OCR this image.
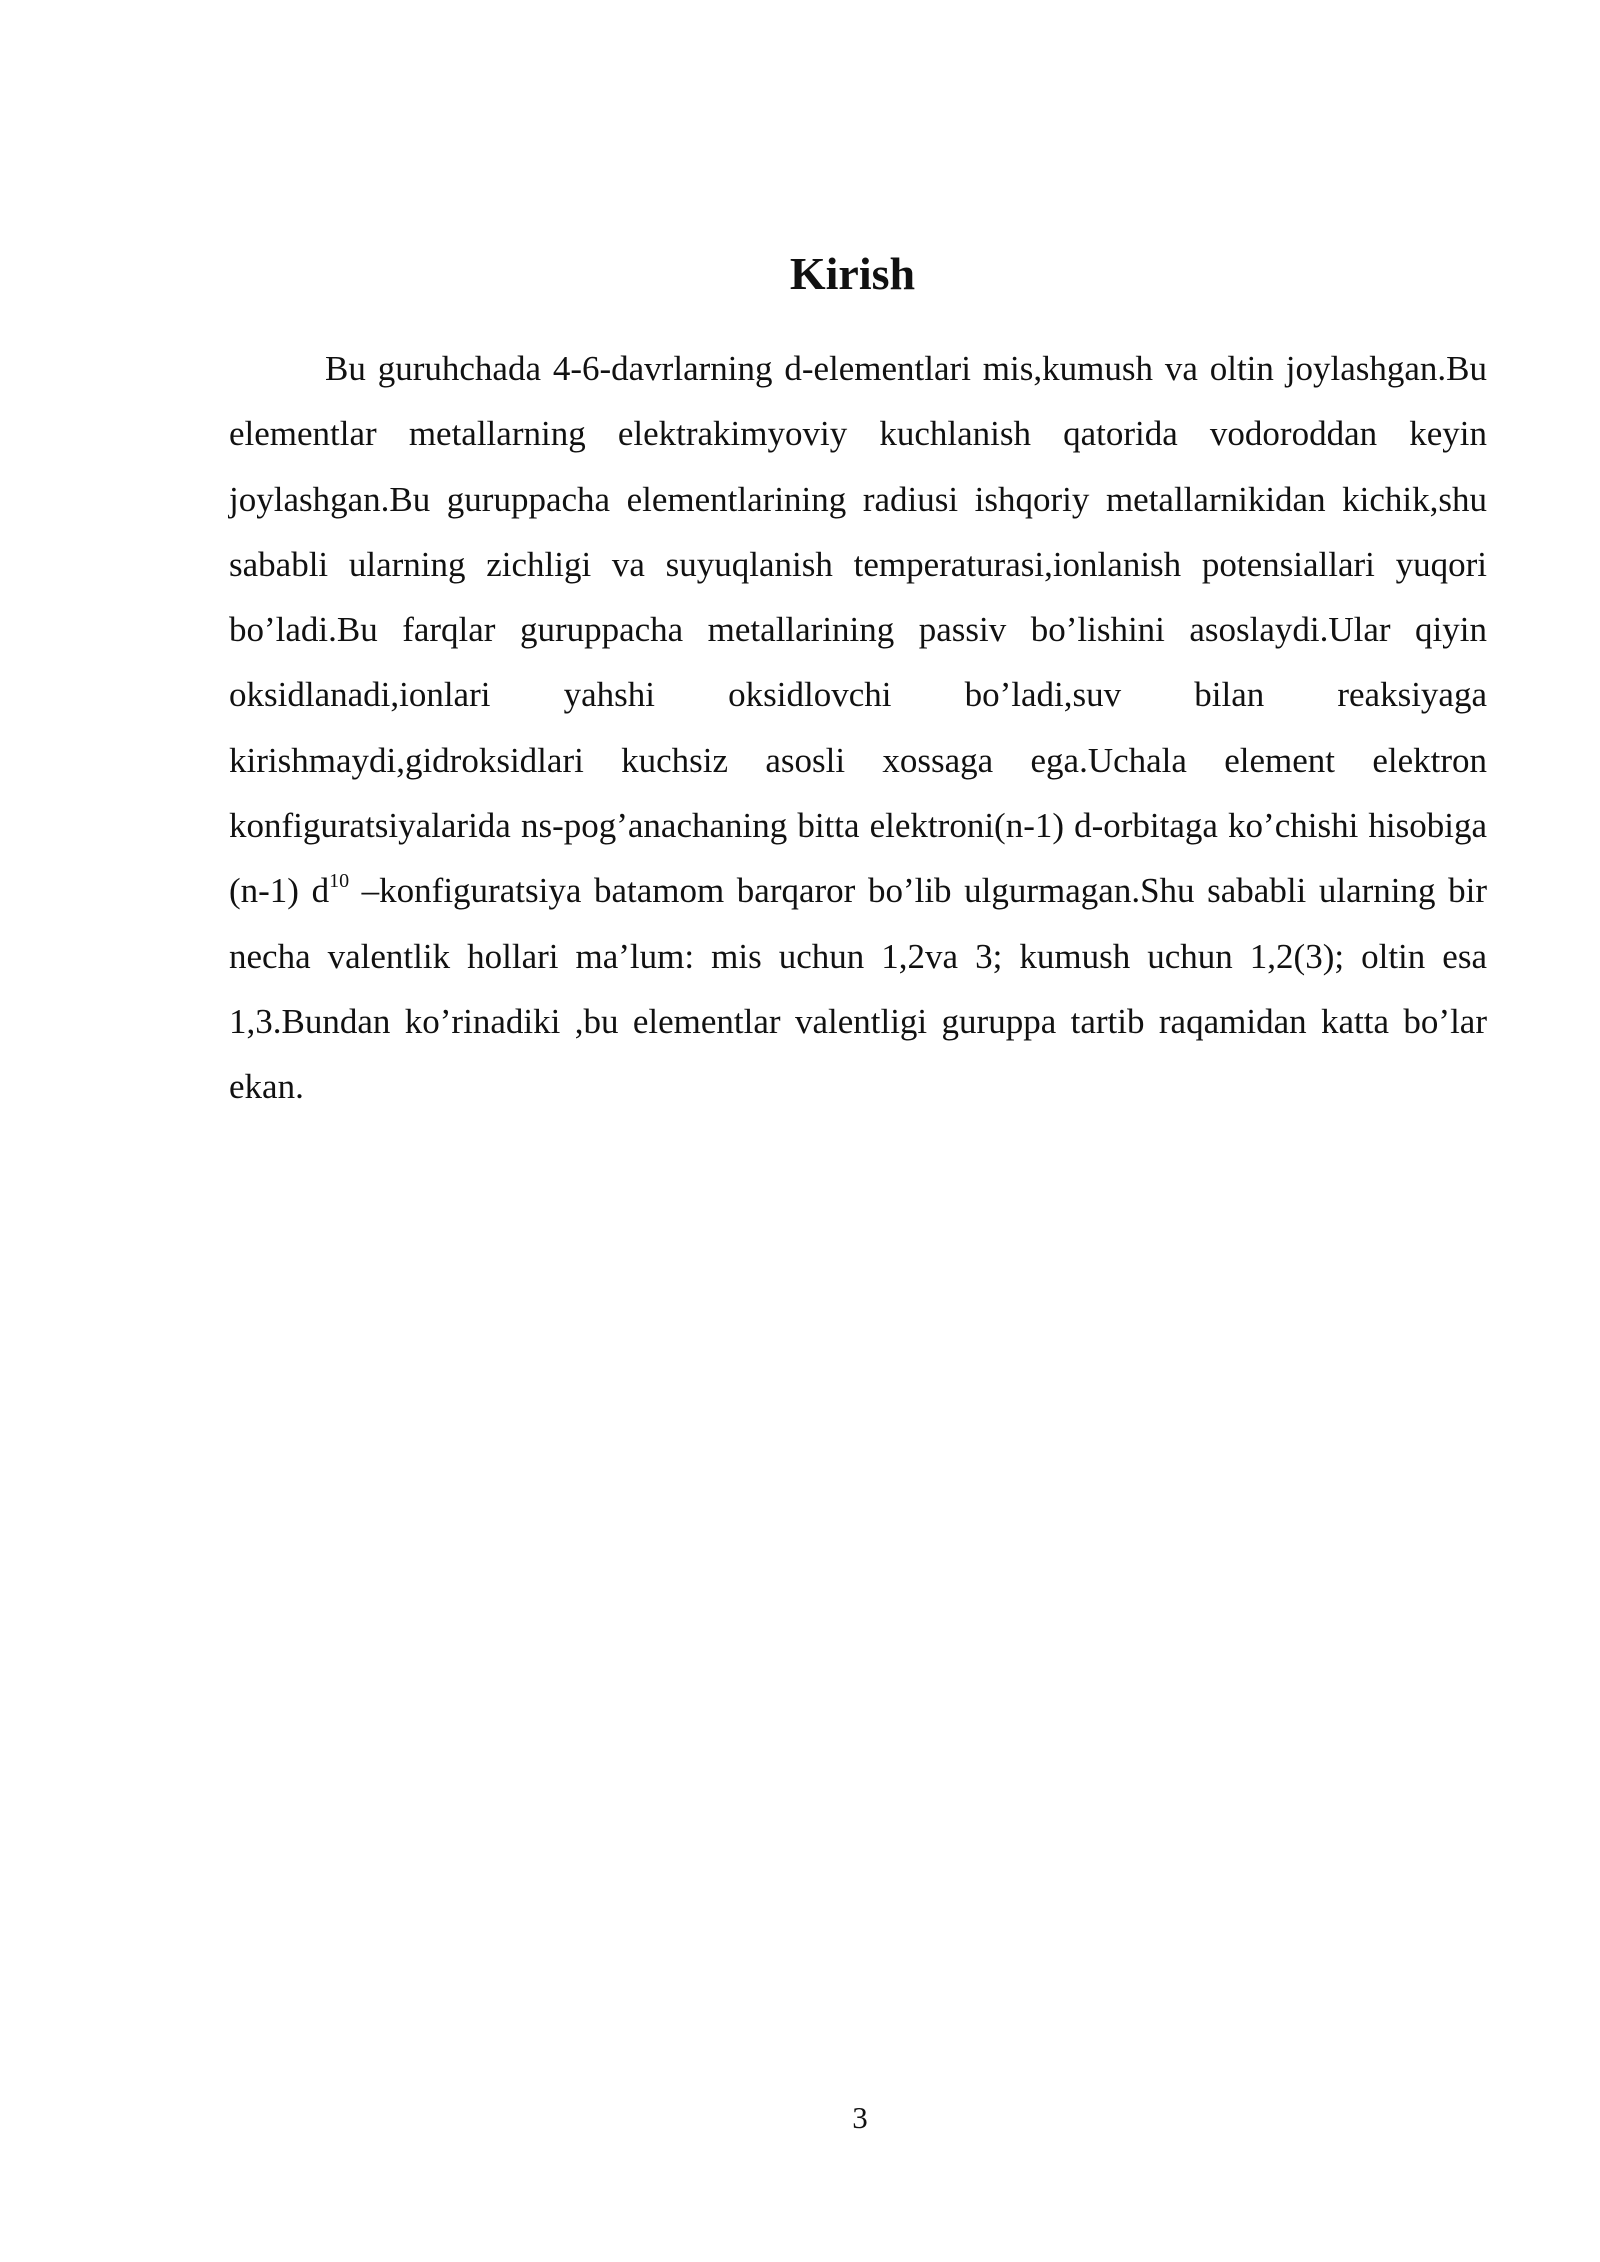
Kirish

Bu guruhchada 4-6-davrlarning d-elementlari mis,kumush va oltin joylashgan.Bu elementlar metallarning elektrakimyoviy kuchlanish qatorida vodoroddan keyin joylashgan.Bu guruppacha elementlarining radiusi ishqoriy metallarnikidan kichik,shu sababli ularning zichligi va suyuqlanish temperaturasi,ionlanish potensiallari yuqori bo’ladi.Bu farqlar guruppacha metallarining passiv bo’lishini asoslaydi.Ular qiyin oksidlanadi,ionlari yahshi oksidlovchi bo’ladi,suv bilan reaksiyaga kirishmaydi,gidroksidlari kuchsiz asosli xossaga ega.Uchala element elektron konfiguratsiyalarida ns-pog’anachaning bitta elektroni(n-1) d-orbitaga ko’chishi hisobiga (n-1) $d^{10}$ –konfiguratsiya batamom barqaror bo’lib ulgurmagan.Shu sababli ularning bir necha valentlik hollari ma’lum: mis uchun 1,2va 3; kumush uchun 1,2(3); oltin esa 1,3.Bundan ko’rinadiki ,bu elementlar valentligi guruppa tartib raqamidan katta bo’lar ekan.

3
